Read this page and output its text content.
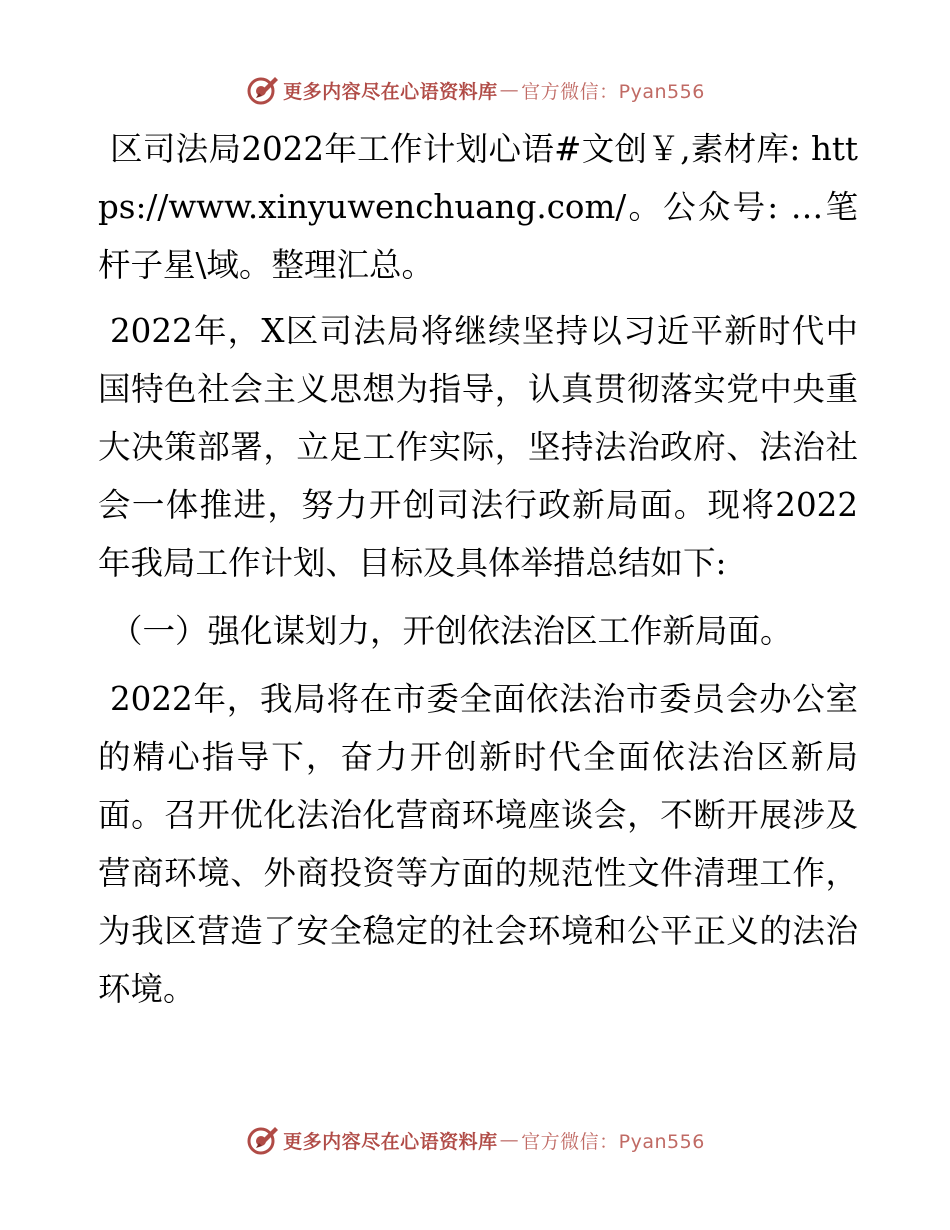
更多内容尽在心语资料库 — 官方微信：Pyan556

区司法局2022年工作计划心语#文创￥,素材库: https://www.xinyuwenchuang.com/。公众号: …笔杆子星\域。整理汇总。

2022年，X区司法局将继续坚持以习近平新时代中国特色社会主义思想为指导，认真贯彻落实党中央重大决策部署，立足工作实际，坚持法治政府、法治社会一体推进，努力开创司法行政新局面。现将2022年我局工作计划、目标及具体举措总结如下:

（一）强化谋划力，开创依法治区工作新局面。

2022年，我局将在市委全面依法治市委员会办公室的精心指导下，奋力开创新时代全面依法治区新局面。召开优化法治化营商环境座谈会，不断开展涉及营商环境、外商投资等方面的规范性文件清理工作，为我区营造了安全稳定的社会环境和公平正义的法治环境。

更多内容尽在心语资料库 — 官方微信：Pyan556
